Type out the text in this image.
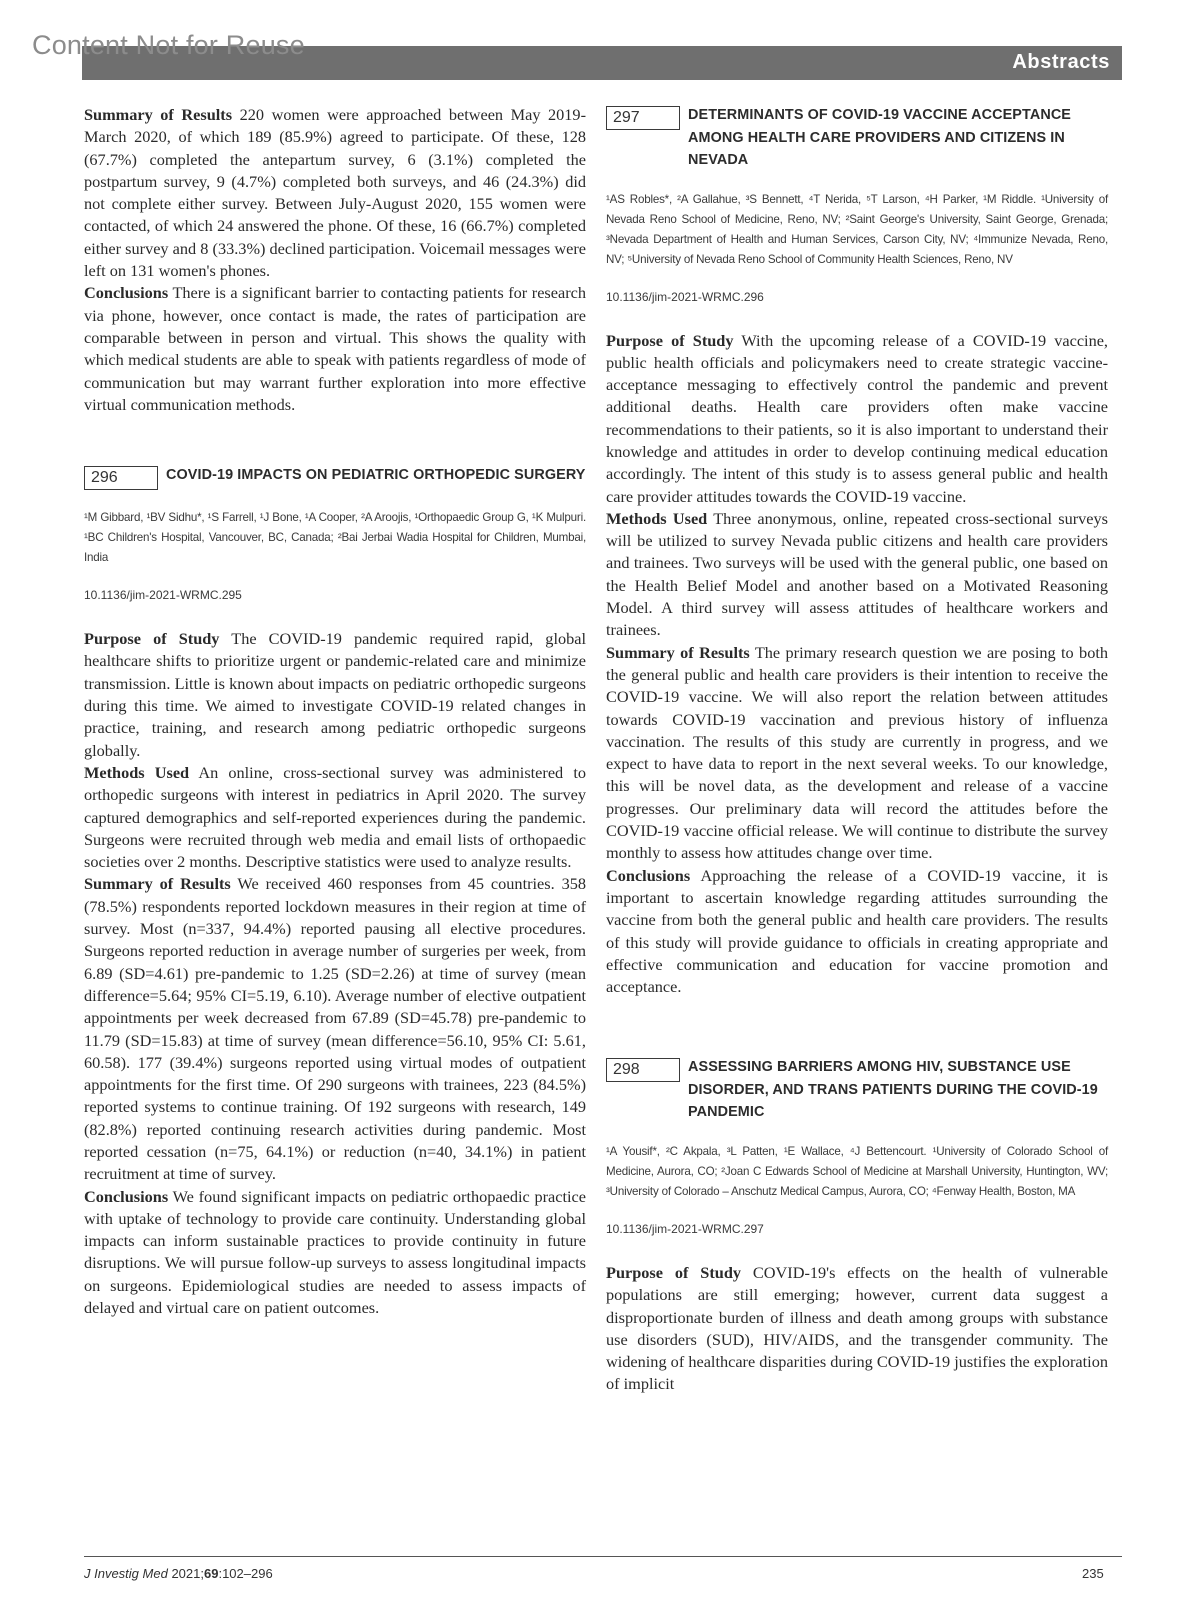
Content Not for Reuse
Abstracts

Summary of Results 220 women were approached between May 2019-March 2020, of which 189 (85.9%) agreed to participate. Of these, 128 (67.7%) completed the antepartum survey, 6 (3.1%) completed the postpartum survey, 9 (4.7%) completed both surveys, and 46 (24.3%) did not complete either survey. Between July-August 2020, 155 women were contacted, of which 24 answered the phone. Of these, 16 (66.7%) completed either survey and 8 (33.3%) declined participation. Voicemail messages were left on 131 women's phones.

Conclusions There is a significant barrier to contacting patients for research via phone, however, once contact is made, the rates of participation are comparable between in person and virtual. This shows the quality with which medical students are able to speak with patients regardless of mode of communication but may warrant further exploration into more effective virtual communication methods.

296	COVID-19 IMPACTS ON PEDIATRIC ORTHOPEDIC SURGERY
¹M Gibbard, ¹BV Sidhu*, ¹S Farrell, ¹J Bone, ¹A Cooper, ²A Aroojis, ¹Orthopaedic Group G, ¹K Mulpuri. ¹BC Children's Hospital, Vancouver, BC, Canada; ²Bai Jerbai Wadia Hospital for Children, Mumbai, India
10.1136/jim-2021-WRMC.295

Purpose of Study The COVID-19 pandemic required rapid, global healthcare shifts to prioritize urgent or pandemic-related care and minimize transmission. Little is known about impacts on pediatric orthopedic surgeons during this time. We aimed to investigate COVID-19 related changes in practice, training, and research among pediatric orthopedic surgeons globally.

Methods Used An online, cross-sectional survey was administered to orthopedic surgeons with interest in pediatrics in April 2020. The survey captured demographics and self-reported experiences during the pandemic. Surgeons were recruited through web media and email lists of orthopaedic societies over 2 months. Descriptive statistics were used to analyze results.

Summary of Results We received 460 responses from 45 countries. 358 (78.5%) respondents reported lockdown measures in their region at time of survey. Most (n=337, 94.4%) reported pausing all elective procedures. Surgeons reported reduction in average number of surgeries per week, from 6.89 (SD=4.61) pre-pandemic to 1.25 (SD=2.26) at time of survey (mean difference=5.64; 95% CI=5.19, 6.10). Average number of elective outpatient appointments per week decreased from 67.89 (SD=45.78) pre-pandemic to 11.79 (SD=15.83) at time of survey (mean difference=56.10, 95% CI: 5.61, 60.58). 177 (39.4%) surgeons reported using virtual modes of outpatient appointments for the first time. Of 290 surgeons with trainees, 223 (84.5%) reported systems to continue training. Of 192 surgeons with research, 149 (82.8%) reported continuing research activities during pandemic. Most reported cessation (n=75, 64.1%) or reduction (n=40, 34.1%) in patient recruitment at time of survey.

Conclusions We found significant impacts on pediatric orthopaedic practice with uptake of technology to provide care continuity. Understanding global impacts can inform sustainable practices to provide continuity in future disruptions. We will pursue follow-up surveys to assess longitudinal impacts on surgeons. Epidemiological studies are needed to assess impacts of delayed and virtual care on patient outcomes.

297	DETERMINANTS OF COVID-19 VACCINE ACCEPTANCE AMONG HEALTH CARE PROVIDERS AND CITIZENS IN NEVADA
¹AS Robles*, ²A Gallahue, ³S Bennett, ⁴T Nerida, ⁵T Larson, ⁴H Parker, ¹M Riddle. ¹University of Nevada Reno School of Medicine, Reno, NV; ²Saint George's University, Saint George, Grenada; ³Nevada Department of Health and Human Services, Carson City, NV; ⁴Immunize Nevada, Reno, NV; ⁵University of Nevada Reno School of Community Health Sciences, Reno, NV
10.1136/jim-2021-WRMC.296

Purpose of Study With the upcoming release of a COVID-19 vaccine, public health officials and policymakers need to create strategic vaccine-acceptance messaging to effectively control the pandemic and prevent additional deaths. Health care providers often make vaccine recommendations to their patients, so it is also important to understand their knowledge and attitudes in order to develop continuing medical education accordingly. The intent of this study is to assess general public and health care provider attitudes towards the COVID-19 vaccine.

Methods Used Three anonymous, online, repeated cross-sectional surveys will be utilized to survey Nevada public citizens and health care providers and trainees. Two surveys will be used with the general public, one based on the Health Belief Model and another based on a Motivated Reasoning Model. A third survey will assess attitudes of healthcare workers and trainees.

Summary of Results The primary research question we are posing to both the general public and health care providers is their intention to receive the COVID-19 vaccine. We will also report the relation between attitudes towards COVID-19 vaccination and previous history of influenza vaccination. The results of this study are currently in progress, and we expect to have data to report in the next several weeks. To our knowledge, this will be novel data, as the development and release of a vaccine progresses. Our preliminary data will record the attitudes before the COVID-19 vaccine official release. We will continue to distribute the survey monthly to assess how attitudes change over time.

Conclusions Approaching the release of a COVID-19 vaccine, it is important to ascertain knowledge regarding attitudes surrounding the vaccine from both the general public and health care providers. The results of this study will provide guidance to officials in creating appropriate and effective communication and education for vaccine promotion and acceptance.

298	ASSESSING BARRIERS AMONG HIV, SUBSTANCE USE DISORDER, AND TRANS PATIENTS DURING THE COVID-19 PANDEMIC
¹A Yousif*, ²C Akpala, ³L Patten, ¹E Wallace, ⁴J Bettencourt. ¹University of Colorado School of Medicine, Aurora, CO; ²Joan C Edwards School of Medicine at Marshall University, Huntington, WV; ³University of Colorado – Anschutz Medical Campus, Aurora, CO; ⁴Fenway Health, Boston, MA
10.1136/jim-2021-WRMC.297

Purpose of Study COVID-19's effects on the health of vulnerable populations are still emerging; however, current data suggest a disproportionate burden of illness and death among groups with substance use disorders (SUD), HIV/AIDS, and the transgender community. The widening of healthcare disparities during COVID-19 justifies the exploration of implicit

J Investig Med 2021;69:102–296	235
